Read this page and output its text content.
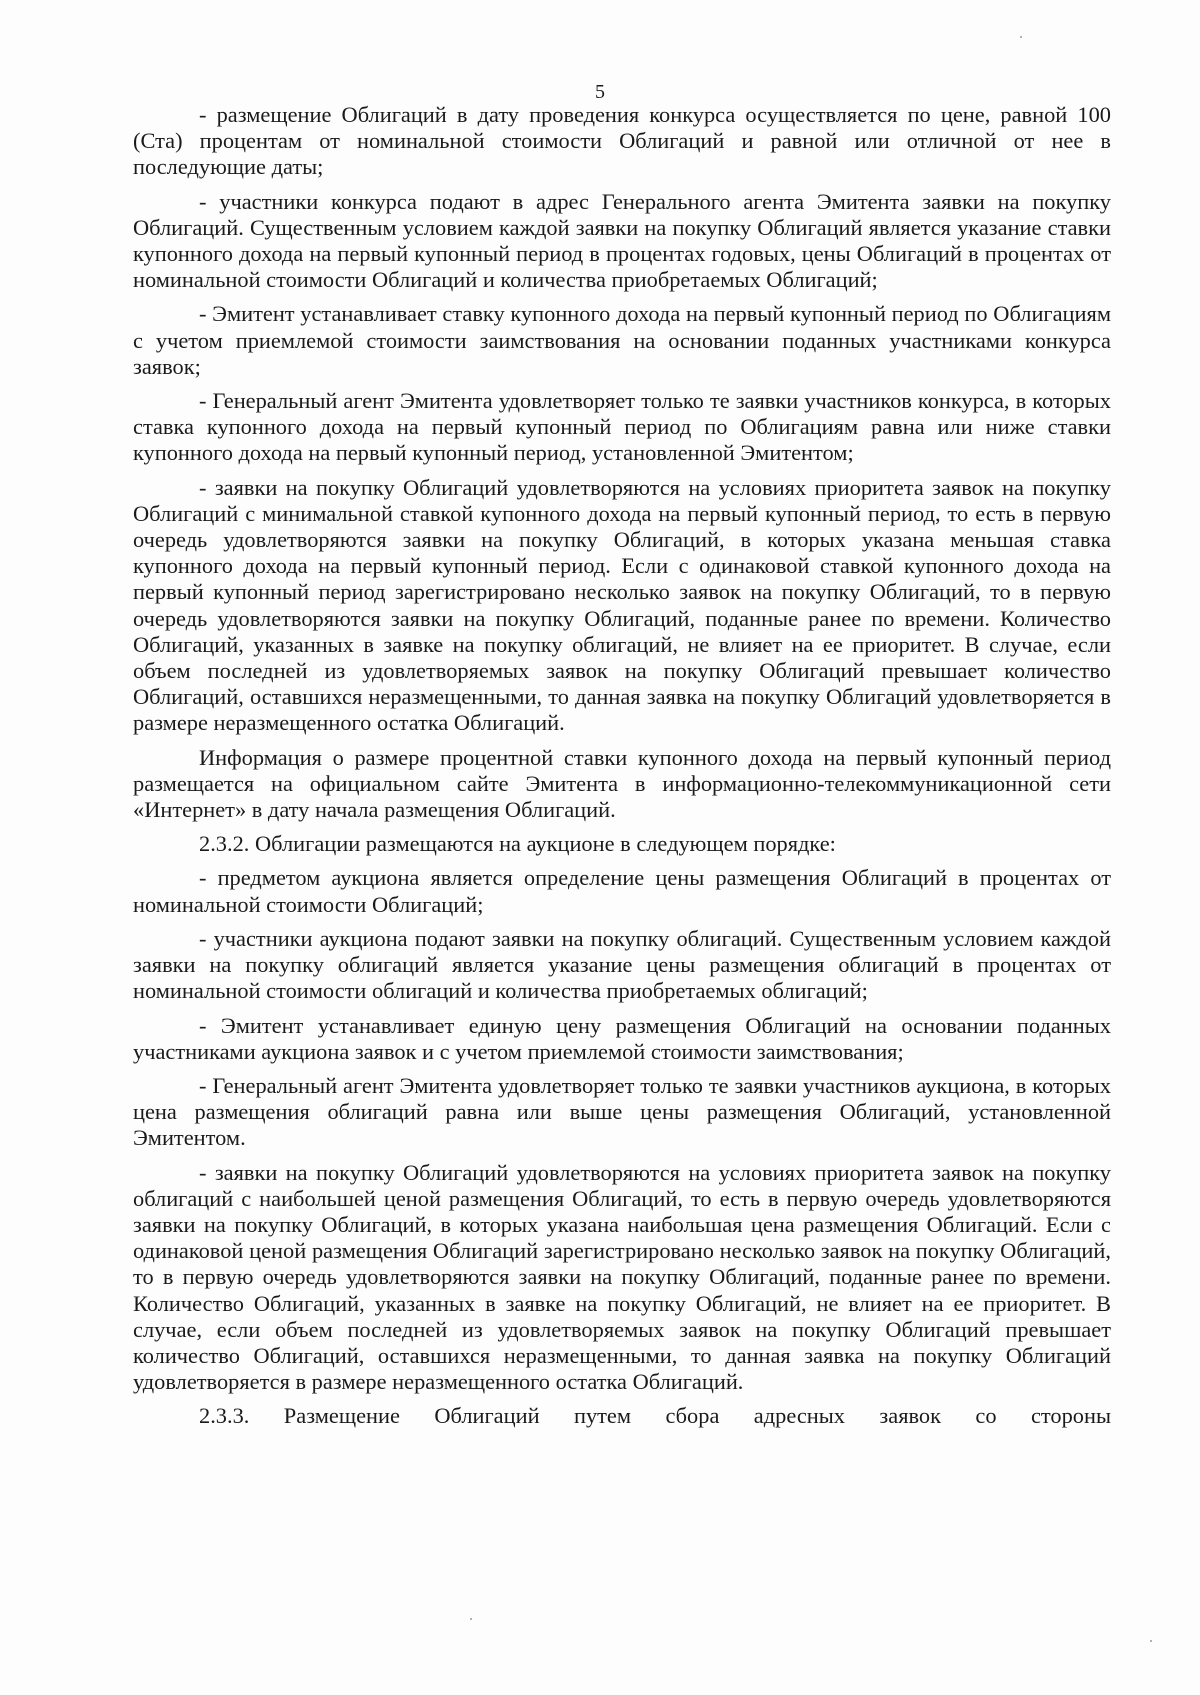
5

- размещение Облигаций в дату проведения конкурса осуществляется по цене, равной 100 (Ста) процентам от номинальной стоимости Облигаций и равной или отличной от нее в последующие даты;

- участники конкурса подают в адрес Генерального агента Эмитента заявки на покупку Облигаций. Существенным условием каждой заявки на покупку Облигаций является указание ставки купонного дохода на первый купонный период в процентах годовых, цены Облигаций в процентах от номинальной стоимости Облигаций и количества приобретаемых Облигаций;

- Эмитент устанавливает ставку купонного дохода на первый купонный период по Облигациям с учетом приемлемой стоимости заимствования на основании поданных участниками конкурса заявок;

- Генеральный агент Эмитента удовлетворяет только те заявки участников конкурса, в которых ставка купонного дохода на первый купонный период по Облигациям равна или ниже ставки купонного дохода на первый купонный период, установленной Эмитентом;

- заявки на покупку Облигаций удовлетворяются на условиях приоритета заявок на покупку Облигаций с минимальной ставкой купонного дохода на первый купонный период, то есть в первую очередь удовлетворяются заявки на покупку Облигаций, в которых указана меньшая ставка купонного дохода на первый купонный период. Если с одинаковой ставкой купонного дохода на первый купонный период зарегистрировано несколько заявок на покупку Облигаций, то в первую очередь удовлетворяются заявки на покупку Облигаций, поданные ранее по времени. Количество Облигаций, указанных в заявке на покупку облигаций, не влияет на ее приоритет. В случае, если объем последней из удовлетворяемых заявок на покупку Облигаций превышает количество Облигаций, оставшихся неразмещенными, то данная заявка на покупку Облигаций удовлетворяется в размере неразмещенного остатка Облигаций.

Информация о размере процентной ставки купонного дохода на первый купонный период размещается на официальном сайте Эмитента в информационно-телекоммуникационной сети «Интернет» в дату начала размещения Облигаций.

2.3.2. Облигации размещаются на аукционе в следующем порядке:

- предметом аукциона является определение цены размещения Облигаций в процентах от номинальной стоимости Облигаций;

- участники аукциона подают заявки на покупку облигаций. Существенным условием каждой заявки на покупку облигаций является указание цены размещения облигаций в процентах от номинальной стоимости облигаций и количества приобретаемых облигаций;

- Эмитент устанавливает единую цену размещения Облигаций на основании поданных участниками аукциона заявок и с учетом приемлемой стоимости заимствования;

- Генеральный агент Эмитента удовлетворяет только те заявки участников аукциона, в которых цена размещения облигаций равна или выше цены размещения Облигаций, установленной Эмитентом.

- заявки на покупку Облигаций удовлетворяются на условиях приоритета заявок на покупку облигаций с наибольшей ценой размещения Облигаций, то есть в первую очередь удовлетворяются заявки на покупку Облигаций, в которых указана наибольшая цена размещения Облигаций. Если с одинаковой ценой размещения Облигаций зарегистрировано несколько заявок на покупку Облигаций, то в первую очередь удовлетворяются заявки на покупку Облигаций, поданные ранее по времени. Количество Облигаций, указанных в заявке на покупку Облигаций, не влияет на ее приоритет. В случае, если объем последней из удовлетворяемых заявок на покупку Облигаций превышает количество Облигаций, оставшихся неразмещенными, то данная заявка на покупку Облигаций удовлетворяется в размере неразмещенного остатка Облигаций.

2.3.3. Размещение Облигаций путем сбора адресных заявок со стороны
